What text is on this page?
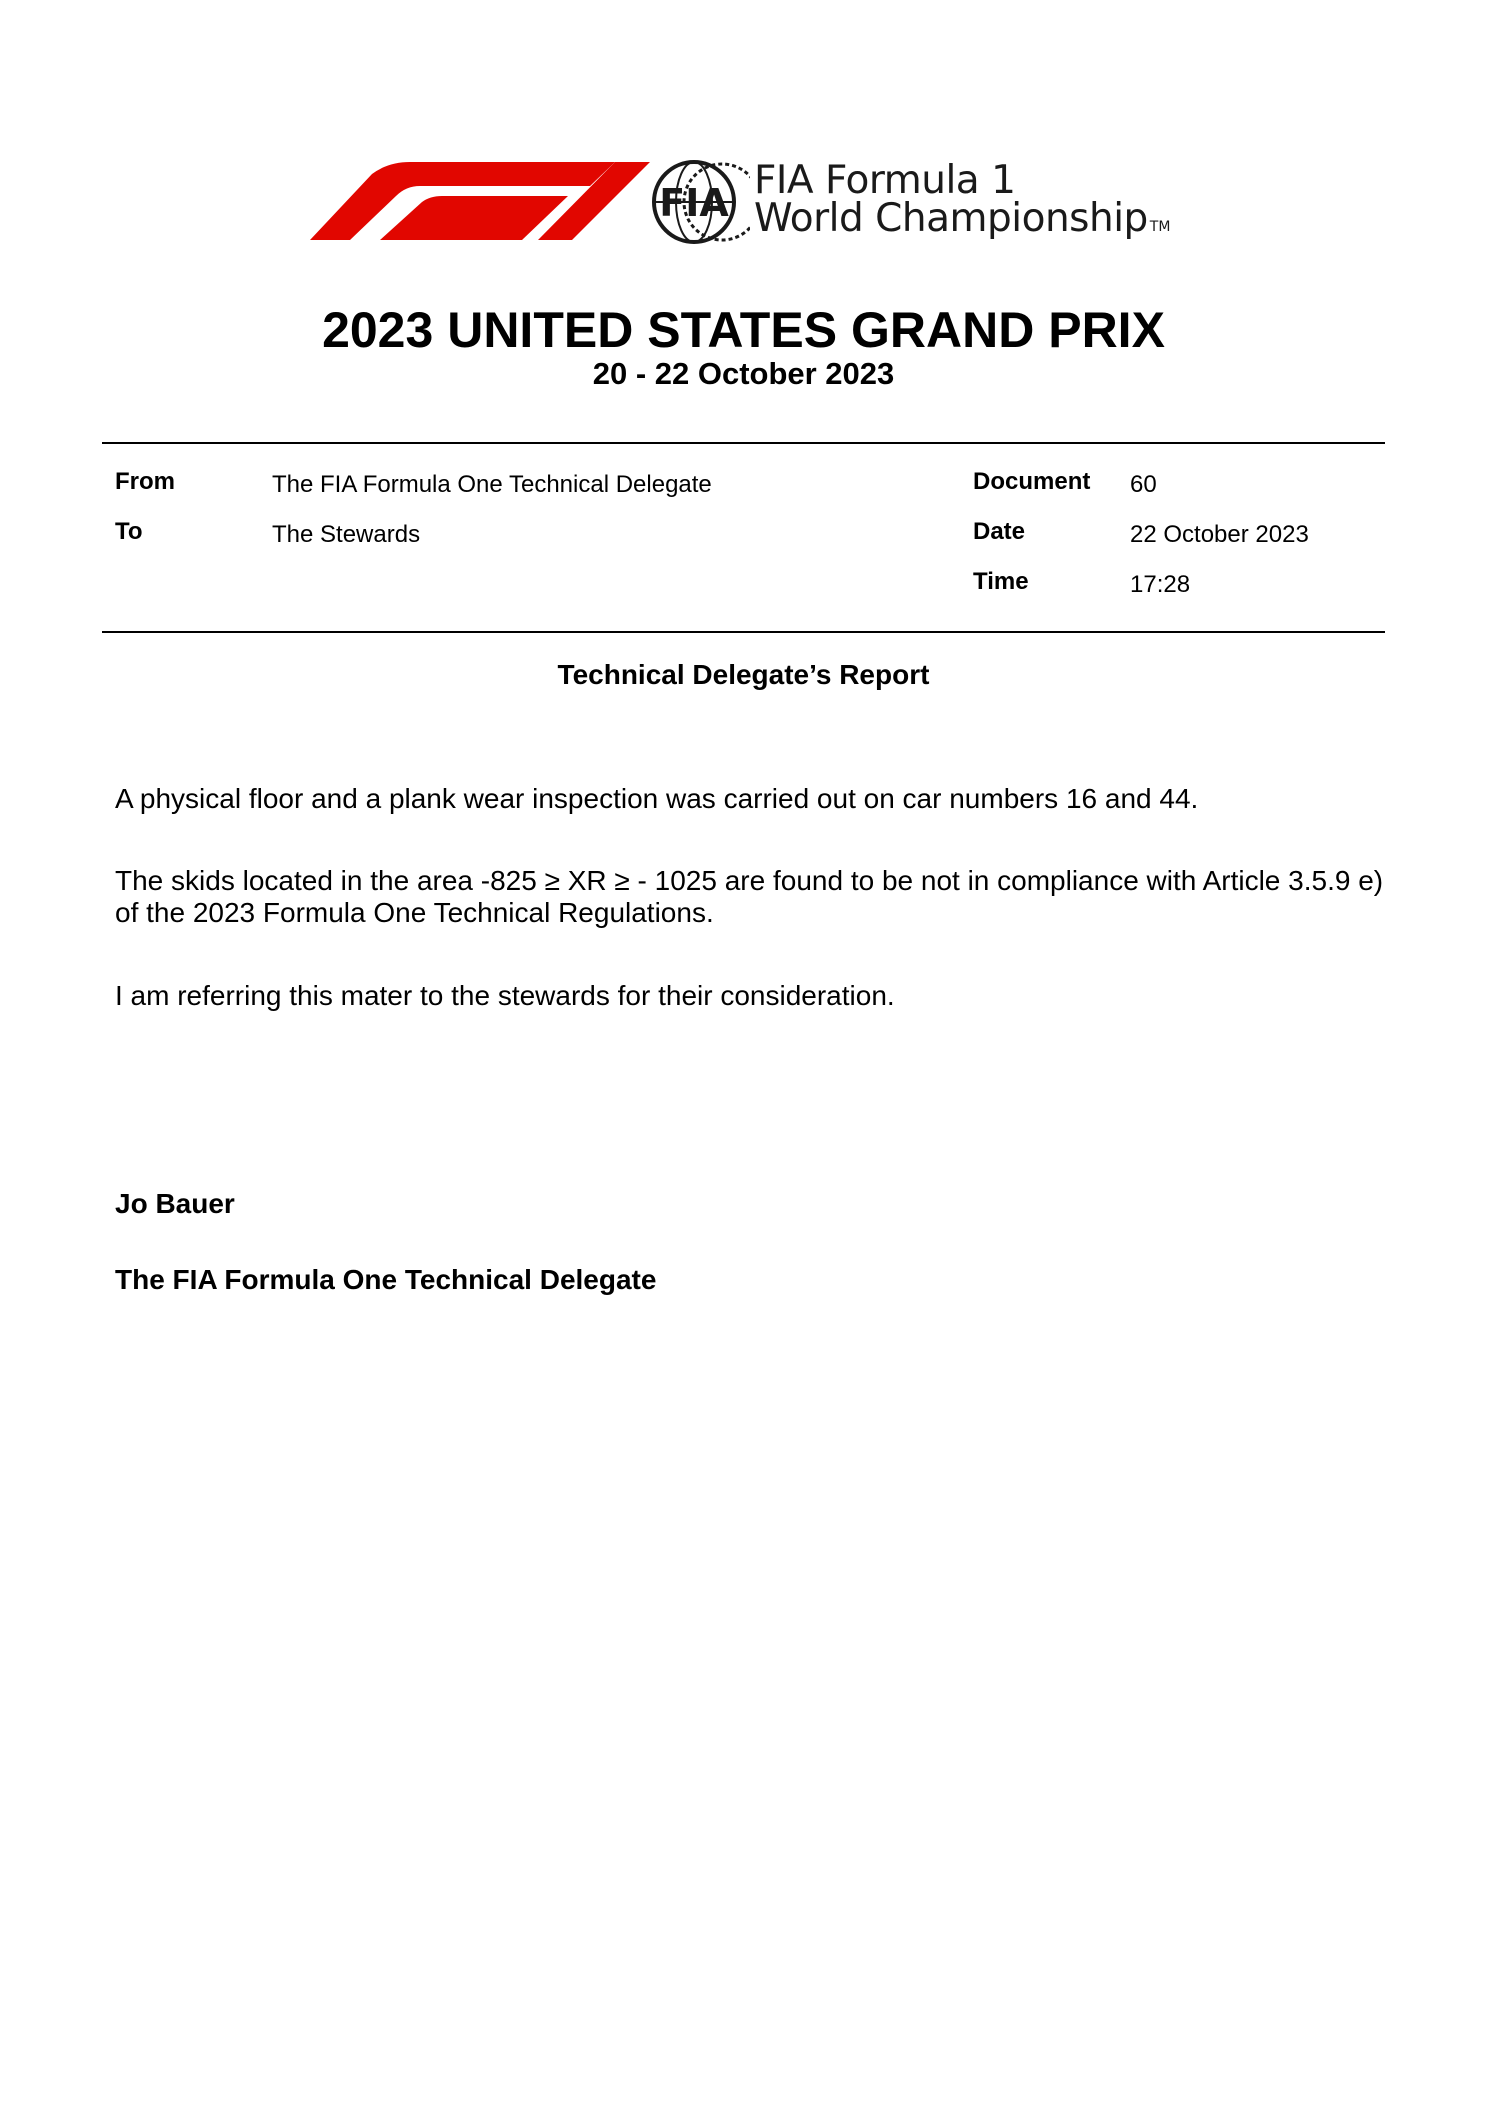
FIA FIA Formula 1
World Championship TM
2023 UNITED STATES GRAND PRIX
20 - 22 October 2023
From	The FIA Formula One Technical Delegate
To	The Stewards
Document 60
Date	22 October 2023
Time	17:28
Technical Delegate’s Report
A physical floor and a plank wear inspection was carried out on car numbers 16 and 44.
The skids located in the area -825 ≥ XR ≥ - 1025 are found to be not in compliance with Article 3.5.9 e) of the 2023 Formula One Technical Regulations.
I am referring this mater to the stewards for their consideration.
Jo Bauer
The FIA Formula One Technical Delegate
